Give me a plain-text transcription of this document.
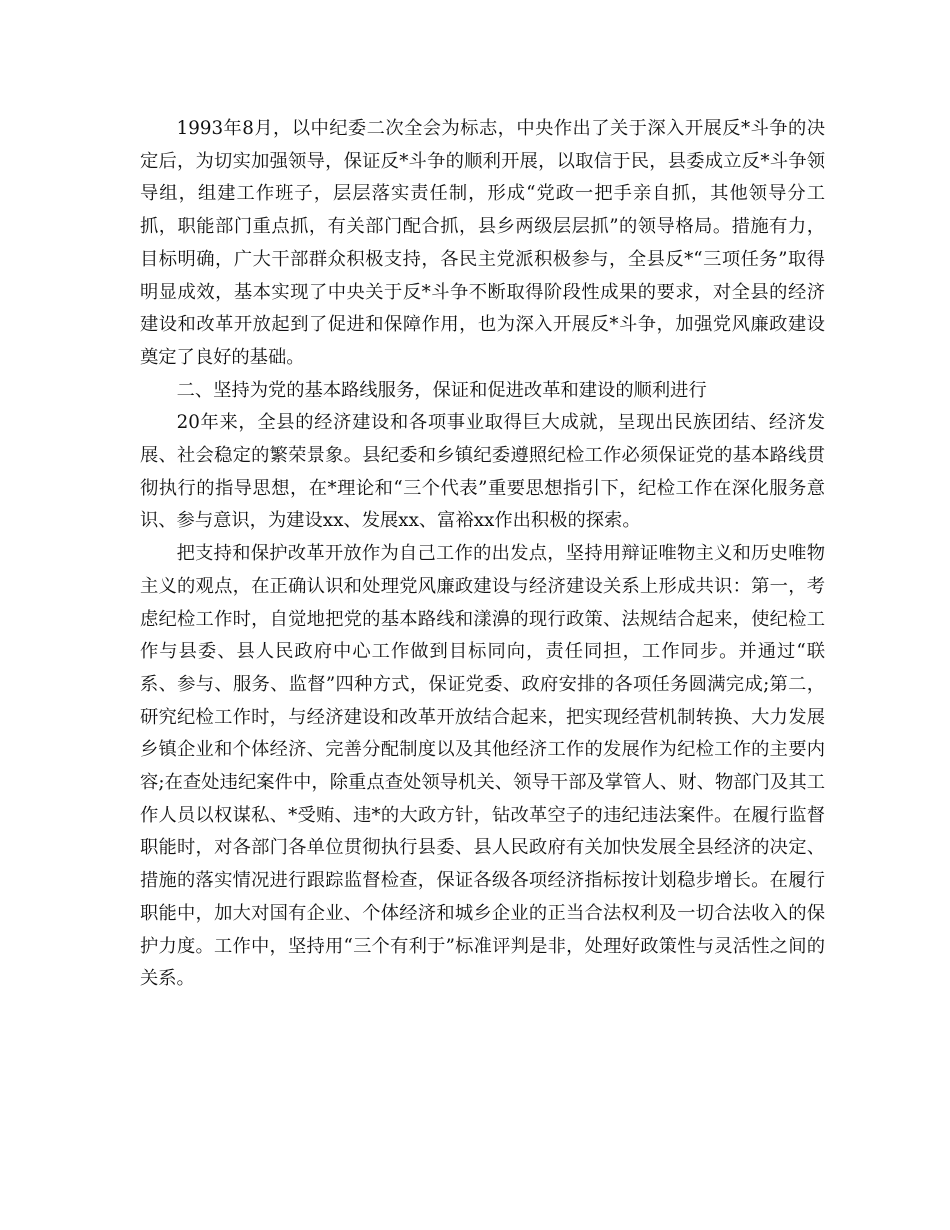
1993年8月，以中纪委二次全会为标志，中央作出了关于深入开展反*斗争的决定后，为切实加强领导，保证反*斗争的顺利开展，以取信于民，县委成立反*斗争领导组，组建工作班子，层层落实责任制，形成“党政一把手亲自抓，其他领导分工抓，职能部门重点抓，有关部门配合抓，县乡两级层层抓”的领导格局。措施有力，目标明确，广大干部群众积极支持，各民主党派积极参与，全县反*“三项任务”取得明显成效，基本实现了中央关于反*斗争不断取得阶段性成果的要求，对全县的经济建设和改革开放起到了促进和保障作用，也为深入开展反*斗争，加强党风廉政建设奠定了良好的基础。

二、坚持为党的基本路线服务，保证和促进改革和建设的顺利进行

20年来，全县的经济建设和各项事业取得巨大成就，呈现出民族团结、经济发展、社会稳定的繁荣景象。县纪委和乡镇纪委遵照纪检工作必须保证党的基本路线贯彻执行的指导思想，在*理论和“三个代表”重要思想指引下，纪检工作在深化服务意识、参与意识，为建设xx、发展xx、富裕xx作出积极的探索。

把支持和保护改革开放作为自己工作的出发点，坚持用辩证唯物主义和历史唯物主义的观点，在正确认识和处理党风廉政建设与经济建设关系上形成共识：第一，考虑纪检工作时，自觉地把党的基本路线和漾濞的现行政策、法规结合起来，使纪检工作与县委、县人民政府中心工作做到目标同向，责任同担，工作同步。并通过“联系、参与、服务、监督”四种方式，保证党委、政府安排的各项任务圆满完成;第二，研究纪检工作时，与经济建设和改革开放结合起来，把实现经营机制转换、大力发展乡镇企业和个体经济、完善分配制度以及其他经济工作的发展作为纪检工作的主要内容;在查处违纪案件中，除重点查处领导机关、领导干部及掌管人、财、物部门及其工作人员以权谋私、*受贿、违*的大政方针，钻改革空子的违纪违法案件。在履行监督职能时，对各部门各单位贯彻执行县委、县人民政府有关加快发展全县经济的决定、措施的落实情况进行跟踪监督检查，保证各级各项经济指标按计划稳步增长。在履行职能中，加大对国有企业、个体经济和城乡企业的正当合法权利及一切合法收入的保护力度。工作中，坚持用“三个有利于”标准评判是非，处理好政策性与灵活性之间的关系。
